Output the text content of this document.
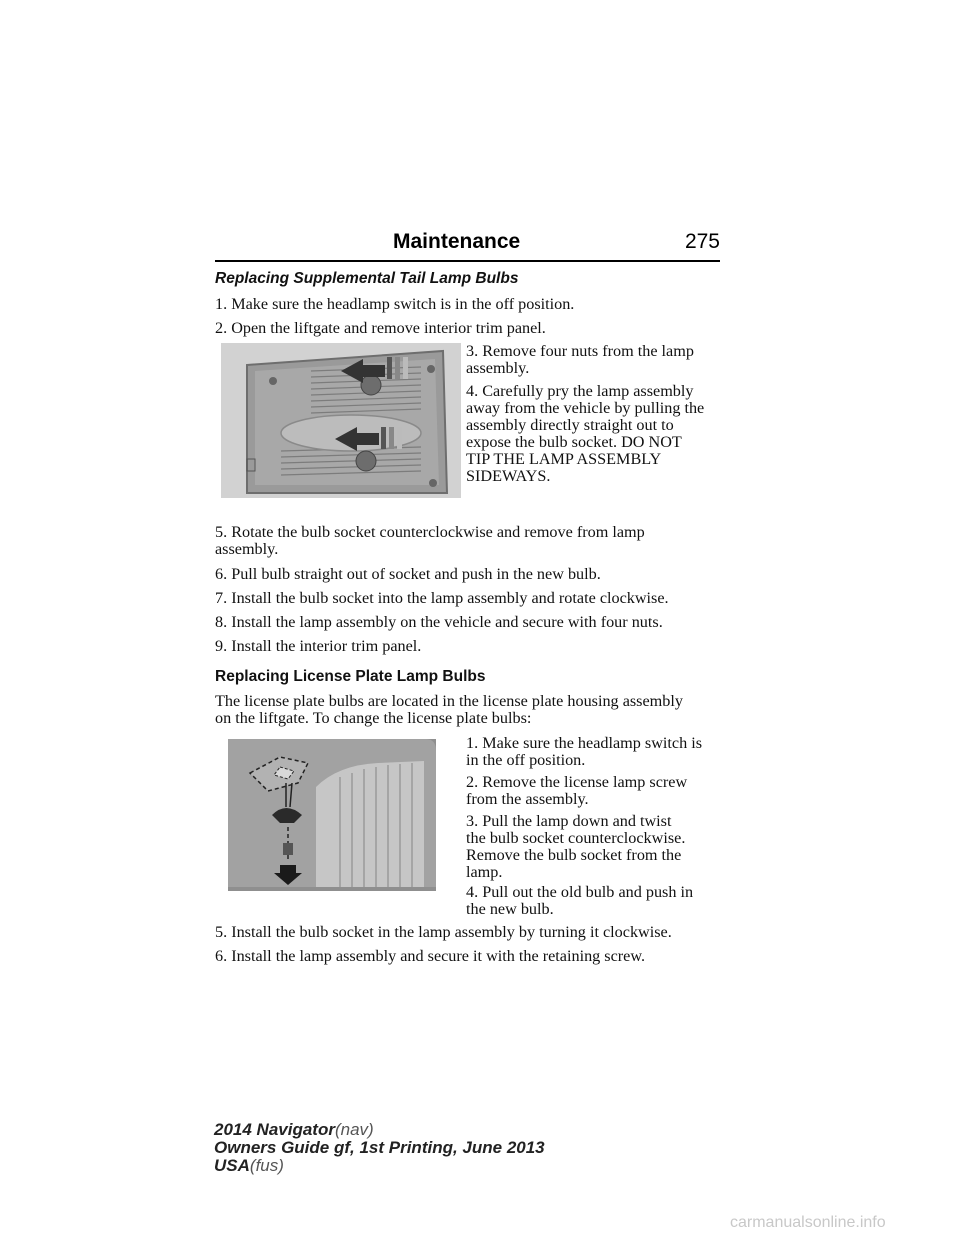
Maintenance	275
Replacing Supplemental Tail Lamp Bulbs
1. Make sure the headlamp switch is in the off position.
2. Open the liftgate and remove interior trim panel.
3. Remove four nuts from the lamp
assembly.
4. Carefully pry the lamp assembly
away from the vehicle by pulling the
assembly directly straight out to
expose the bulb socket. DO NOT
TIP THE LAMP ASSEMBLY
SIDEWAYS.
5. Rotate the bulb socket counterclockwise and remove from lamp
assembly.
6. Pull bulb straight out of socket and push in the new bulb.
7. Install the bulb socket into the lamp assembly and rotate clockwise.
8. Install the lamp assembly on the vehicle and secure with four nuts.
9. Install the interior trim panel.
Replacing License Plate Lamp Bulbs
The license plate bulbs are located in the license plate housing assembly
on the liftgate. To change the license plate bulbs:
1. Make sure the headlamp switch is
in the off position.
2. Remove the license lamp screw
from the assembly.
3. Pull the lamp down and twist
the bulb socket counterclockwise.
Remove the bulb socket from the
lamp.
4. Pull out the old bulb and push in
the new bulb.
5. Install the bulb socket in the lamp assembly by turning it clockwise.
6. Install the lamp assembly and secure it with the retaining screw.
2014 Navigator(nav)
Owners Guide gf, 1st Printing, June 2013
USA(fus)
carmanualsonline.info
